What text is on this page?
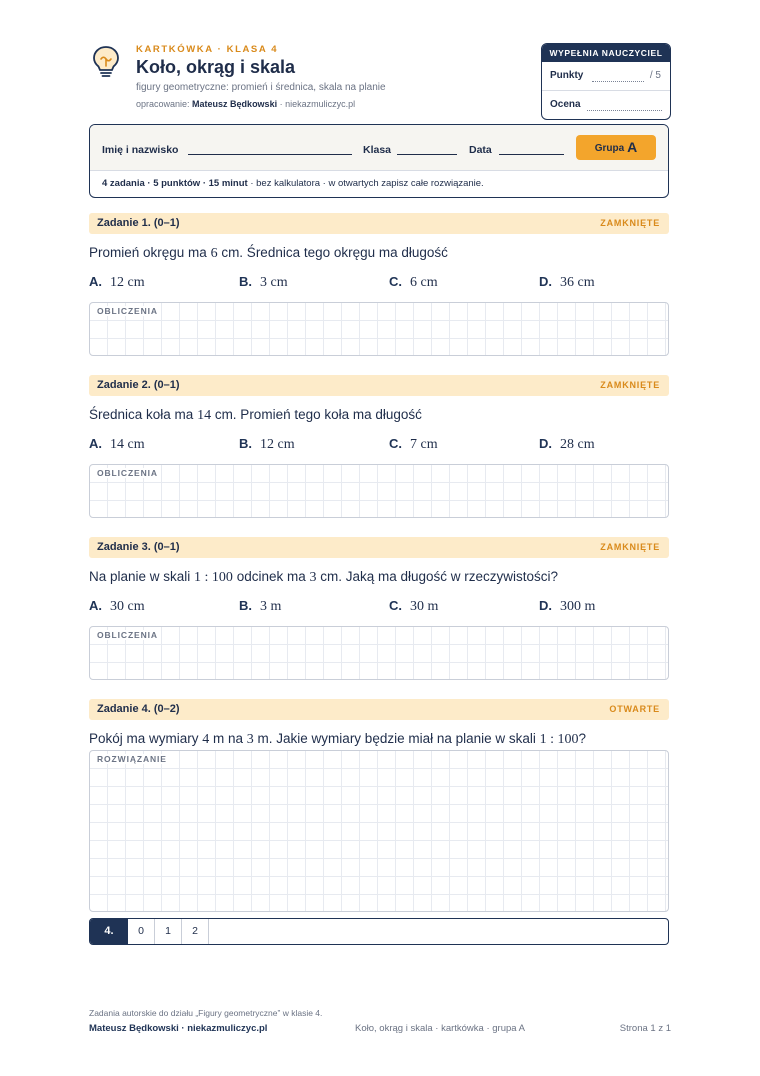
KARTKÓWKA · KLASA 4
Koło, okrąg i skala
figury geometryczne: promień i średnica, skala na planie
opracowanie: Mateusz Będkowski · niekazmuliczyc.pl
WYPEŁNIA NAUCZYCIEL
Punkty	/ 5
Ocena
Imię i nazwisko	Klasa	Data	Grupa A
4 zadania · 5 punktów · 15 minut · bez kalkulatora · w otwartych zapisz całe rozwiązanie.
Zadanie 1. (0–1)	ZAMKNIĘTE
Promień okręgu ma 6 cm. Średnica tego okręgu ma długość
A. 12 cm	B. 3 cm	C. 6 cm	D. 36 cm
OBLICZENIA
Zadanie 2. (0–1)	ZAMKNIĘTE
Średnica koła ma 14 cm. Promień tego koła ma długość
A. 14 cm	B. 12 cm	C. 7 cm	D. 28 cm
OBLICZENIA
Zadanie 3. (0–1)	ZAMKNIĘTE
Na planie w skali 1 : 100 odcinek ma 3 cm. Jaką ma długość w rzeczywistości?
A. 30 cm	B. 3 m	C. 30 m	D. 300 m
OBLICZENIA
Zadanie 4. (0–2)	OTWARTE
Pokój ma wymiary 4 m na 3 m. Jakie wymiary będzie miał na planie w skali 1 : 100?
ROZWIĄZANIE
4.	0	1	2
Zadania autorskie do działu „Figury geometryczne” w klasie 4.
Mateusz Będkowski · niekazmuliczyc.pl	Koło, okrąg i skala · kartkówka · grupa A	Strona 1 z 1
